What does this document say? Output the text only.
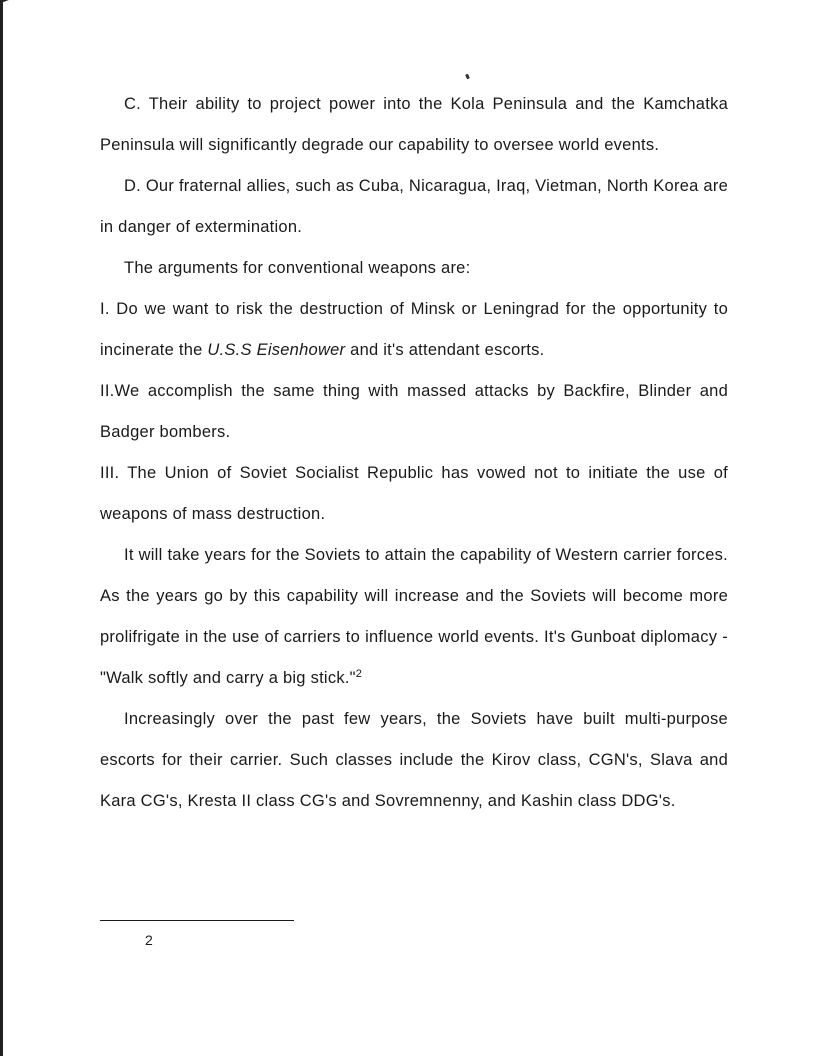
C. Their ability to project power into the Kola Peninsula and the Kamchatka Peninsula will significantly degrade our capability to oversee world events.

D. Our fraternal allies, such as Cuba, Nicaragua, Iraq, Vietman, North Korea are in danger of extermination.

The arguments for conventional weapons are:

I. Do we want to risk the destruction of Minsk or Leningrad for the opportunity to incinerate the U.S.S Eisenhower and it's attendant escorts.

II.We accomplish the same thing with massed attacks by Backfire, Blinder and Badger bombers.

III. The Union of Soviet Socialist Republic has vowed not to initiate the use of weapons of mass destruction.

It will take years for the Soviets to attain the capability of Western carrier forces. As the years go by this capability will increase and the Soviets will become more prolifrigate in the use of carriers to influence world events. It's Gunboat diplomacy - "Walk softly and carry a big stick."$^2$

Increasingly over the past few years, the Soviets have built multi-purpose escorts for their carrier. Such classes include the Kirov class, CGN's, Slava and Kara CG's, Kresta II class CG's and Sovremnenny, and Kashin class DDG's.

2
